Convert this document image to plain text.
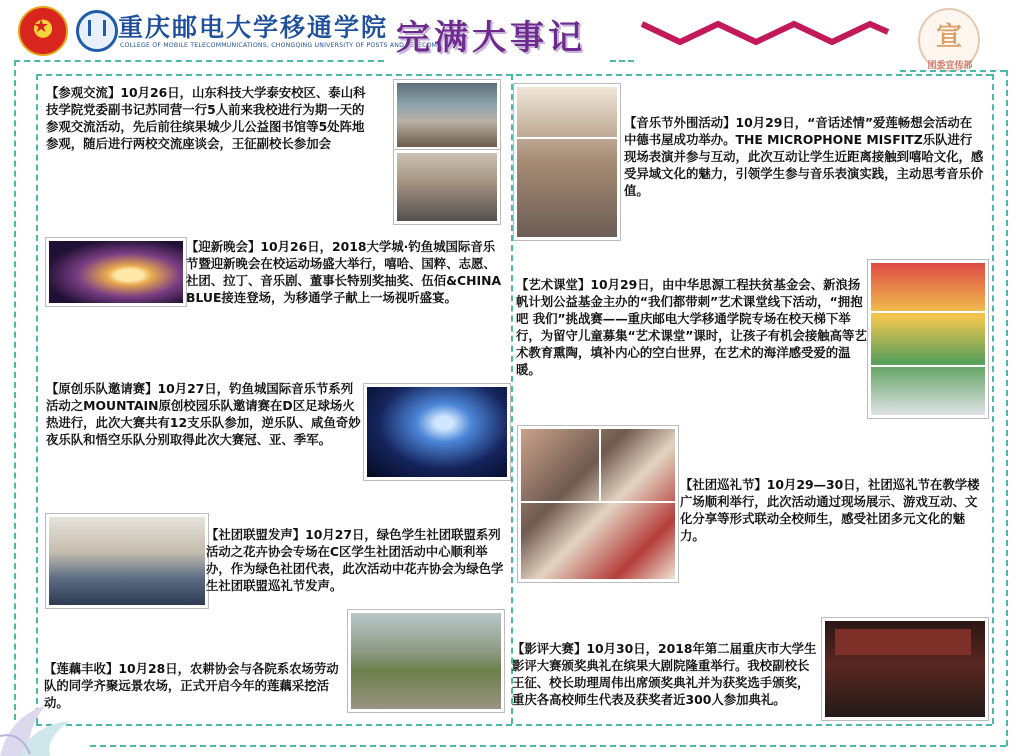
★
重庆邮电大学移通学院
COLLEGE OF MOBILE TELECOMMUNICATIONS, CHONGQING UNIVERSITY OF POSTS AND TELECOM.
完满大事记	宣
团委宣传部
【参观交流】10月26日，山东科技大学泰安校区、泰山科技学院党委副书记苏同营一行5人前来我校进行为期一天的参观交流活动，先后前往缤果城少儿公益图书馆等5处阵地参观，随后进行两校交流座谈会，王征副校长参加会
【迎新晚会】10月26日，2018大学城·钓鱼城国际音乐节暨迎新晚会在校运动场盛大举行，嘻哈、国粹、志愿、社团、拉丁、音乐剧、董事长特别奖抽奖、伍佰&CHINA BLUE接连登场，为移通学子献上一场视听盛宴。
【原创乐队邀请赛】10月27日，钓鱼城国际音乐节系列活动之MOUNTAIN原创校园乐队邀请赛在D区足球场火热进行，此次大赛共有12支乐队参加，逆乐队、咸鱼奇妙夜乐队和悟空乐队分别取得此次大赛冠、亚、季军。
【社团联盟发声】10月27日，绿色学生社团联盟系列活动之花卉协会专场在C区学生社团活动中心顺利举办，作为绿色社团代表，此次活动中花卉协会为绿色学生社团联盟巡礼节发声。
【莲藕丰收】10月28日，农耕协会与各院系农场劳动队的同学齐聚远景农场，正式开启今年的莲藕采挖活动。
【音乐节外围活动】10月29日，“音话述情”爱莲畅想会活动在中德书屋成功举办。THE MICROPHONE MISFITZ乐队进行现场表演并参与互动，此次互动让学生近距离接触到嘻哈文化，感受异域文化的魅力，引领学生参与音乐表演实践，主动思考音乐价值。
【艺术课堂】10月29日，由中华思源工程扶贫基金会、新浪扬帆计划公益基金主办的“我们都带刺”艺术课堂线下活动，“拥抱吧 我们”挑战赛——重庆邮电大学移通学院专场在校天梯下举行，为留守儿童募集“艺术课堂”课时，让孩子有机会接触高等艺术教育熏陶，填补内心的空白世界，在艺术的海洋感受爱的温暖。
【社团巡礼节】10月29—30日，社团巡礼节在教学楼广场顺利举行，此次活动通过现场展示、游戏互动、文化分享等形式联动全校师生，感受社团多元文化的魅力。
【影评大赛】10月30日，2018年第二届重庆市大学生影评大赛颁奖典礼在缤果大剧院隆重举行。我校副校长王征、校长助理周伟出席颁奖典礼并为获奖选手颁奖，重庆各高校师生代表及获奖者近300人参加典礼。
